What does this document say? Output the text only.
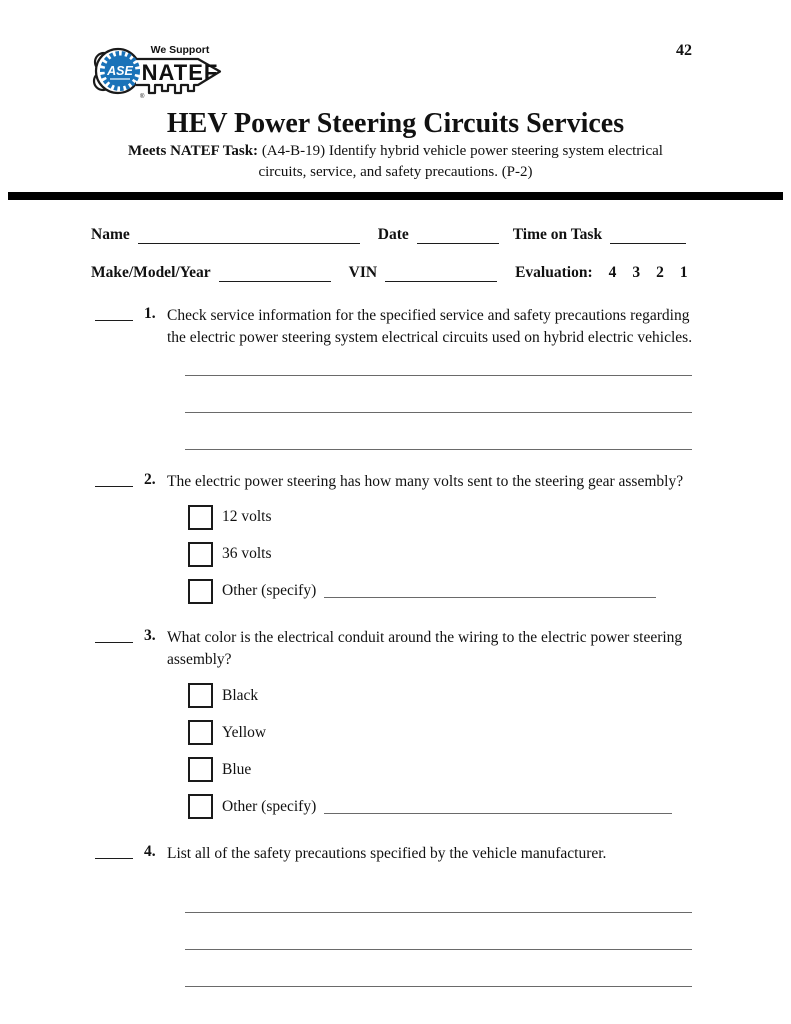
ASE
We Support
NATEF
®
42
HEV Power Steering Circuits Services
Meets NATEF Task: (A4-B-19) Identify hybrid vehicle power steering system electrical
circuits, service, and safety precautions. (P-2)
Name	Date	Time on Task
Make/Model/Year	VIN	Evaluation: 4 3 2 1
1. Check service information for the specified service and safety precautions regarding the electric power steering system electrical circuits used on hybrid electric vehicles.
2. The electric power steering has how many volts sent to the steering gear assembly?
12 volts
36 volts
Other (specify)
3. What color is the electrical conduit around the wiring to the electric power steering assembly?
Black
Yellow
Blue
Other (specify)
4. List all of the safety precautions specified by the vehicle manufacturer.
